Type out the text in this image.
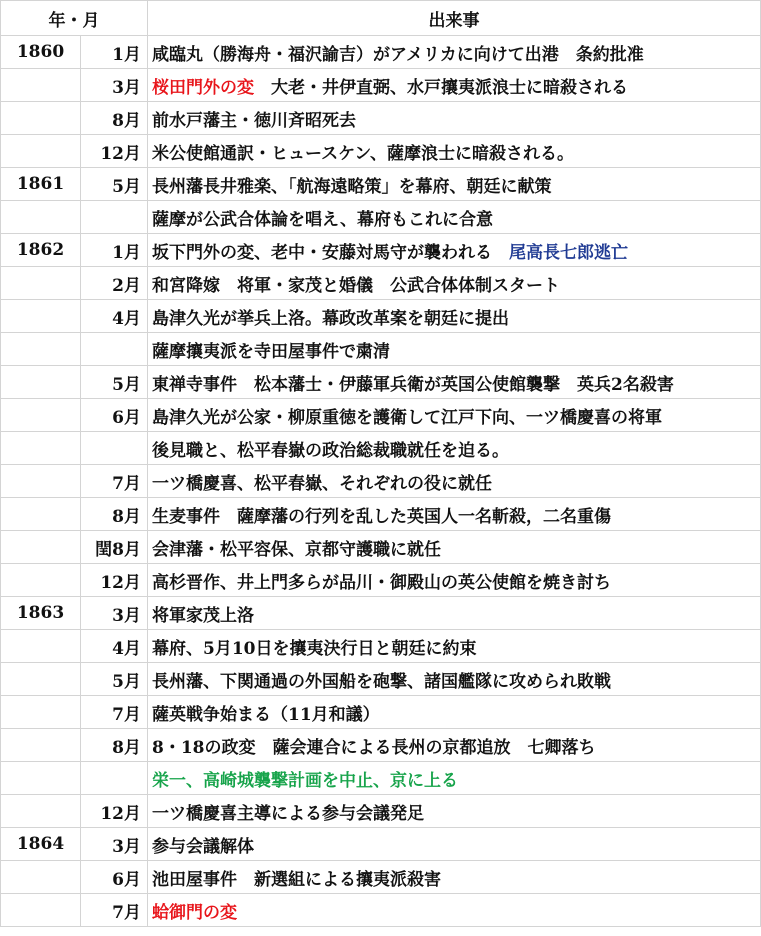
年・月		出来事
1860	1月	咸臨丸（勝海舟・福沢諭吉）がアメリカに向けて出港　条約批准
	3月	桜田門外の変　大老・井伊直弼、水戸攘夷派浪士に暗殺される
	8月	前水戸藩主・徳川斉昭死去
	12月	米公使館通訳・ヒュースケン、薩摩浪士に暗殺される。
1861	5月	長州藩長井雅楽、「航海遠略策」を幕府、朝廷に献策
		薩摩が公武合体論を唱え、幕府もこれに合意
1862	1月	坂下門外の変、老中・安藤対馬守が襲われる　尾高長七郎逃亡
	2月	和宮降嫁　将軍・家茂と婚儀　公武合体体制スタート
	4月	島津久光が挙兵上洛。幕政改革案を朝廷に提出
		薩摩攘夷派を寺田屋事件で粛清
	5月	東禅寺事件　松本藩士・伊藤軍兵衛が英国公使館襲撃　英兵2名殺害
	6月	島津久光が公家・柳原重徳を護衛して江戸下向、一ツ橋慶喜の将軍
		後見職と、松平春嶽の政治総裁職就任を迫る。
	7月	一ツ橋慶喜、松平春嶽、それぞれの役に就任
	8月	生麦事件　薩摩藩の行列を乱した英国人一名斬殺，二名重傷
	閏8月	会津藩・松平容保、京都守護職に就任
	12月	高杉晋作、井上門多らが品川・御殿山の英公使館を焼き討ち
1863	3月	将軍家茂上洛
	4月	幕府、5月10日を攘夷決行日と朝廷に約束
	5月	長州藩、下関通過の外国船を砲撃、諸国艦隊に攻められ敗戦
	7月	薩英戦争始まる（11月和議）
	8月	8・18の政変　薩会連合による長州の京都追放　七卿落ち
		栄一、高崎城襲撃計画を中止、京に上る
	12月	一ツ橋慶喜主導による参与会議発足
1864	3月	参与会議解体
	6月	池田屋事件　新選組による攘夷派殺害
	7月	蛤御門の変
